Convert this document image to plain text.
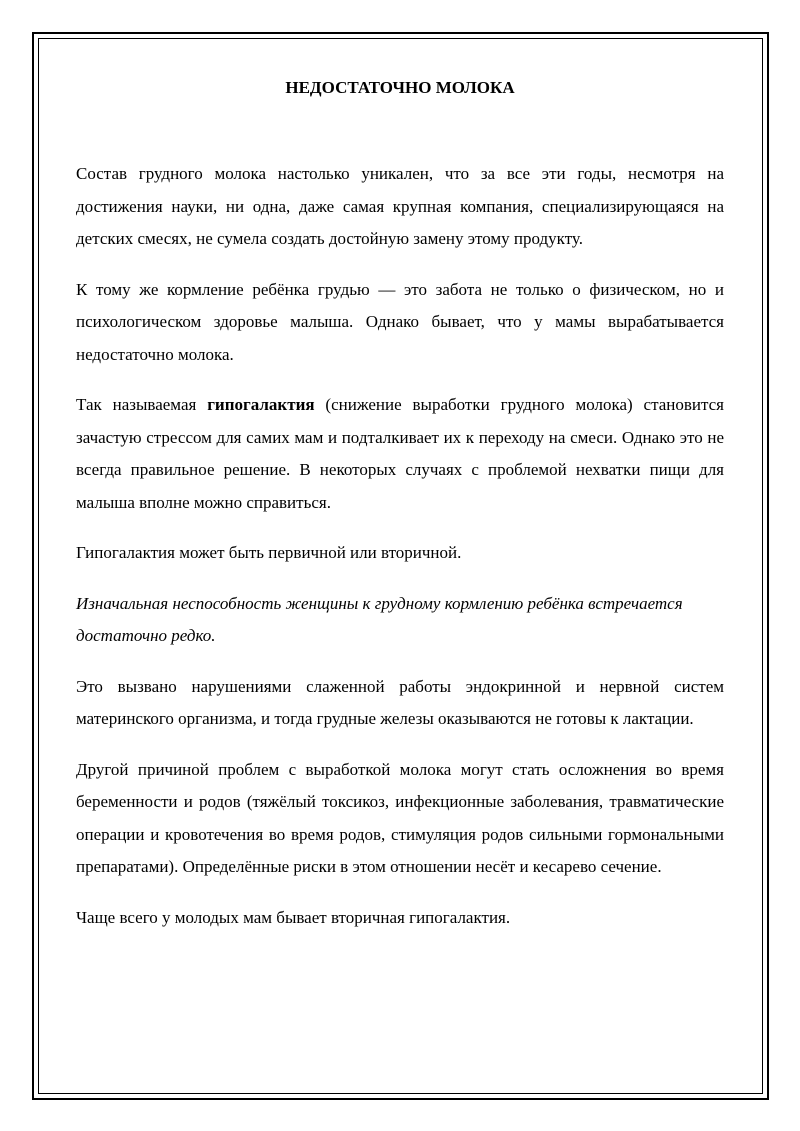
НЕДОСТАТОЧНО МОЛОКА

Состав грудного молока настолько уникален, что за все эти годы, несмотря на достижения науки, ни одна, даже самая крупная компания, специализирующаяся на детских смесях, не сумела создать достойную замену этому продукту.

К тому же кормление ребёнка грудью — это забота не только о физическом, но и психологическом здоровье малыша. Однако бывает, что у мамы вырабатывается недостаточно молока.

Так называемая гипогалактия (снижение выработки грудного молока) становится зачастую стрессом для самих мам и подталкивает их к переходу на смеси. Однако это не всегда правильное решение. В некоторых случаях с проблемой нехватки пищи для малыша вполне можно справиться.

Гипогалактия может быть первичной или вторичной.

Изначальная неспособность женщины к грудному кормлению ребёнка встречается достаточно редко.

Это вызвано нарушениями слаженной работы эндокринной и нервной систем материнского организма, и тогда грудные железы оказываются не готовы к лактации.

Другой причиной проблем с выработкой молока могут стать осложнения во время беременности и родов (тяжёлый токсикоз, инфекционные заболевания, травматические операции и кровотечения во время родов, стимуляция родов сильными гормональными препаратами). Определённые риски в этом отношении несёт и кесарево сечение.

Чаще всего у молодых мам бывает вторичная гипогалактия.
